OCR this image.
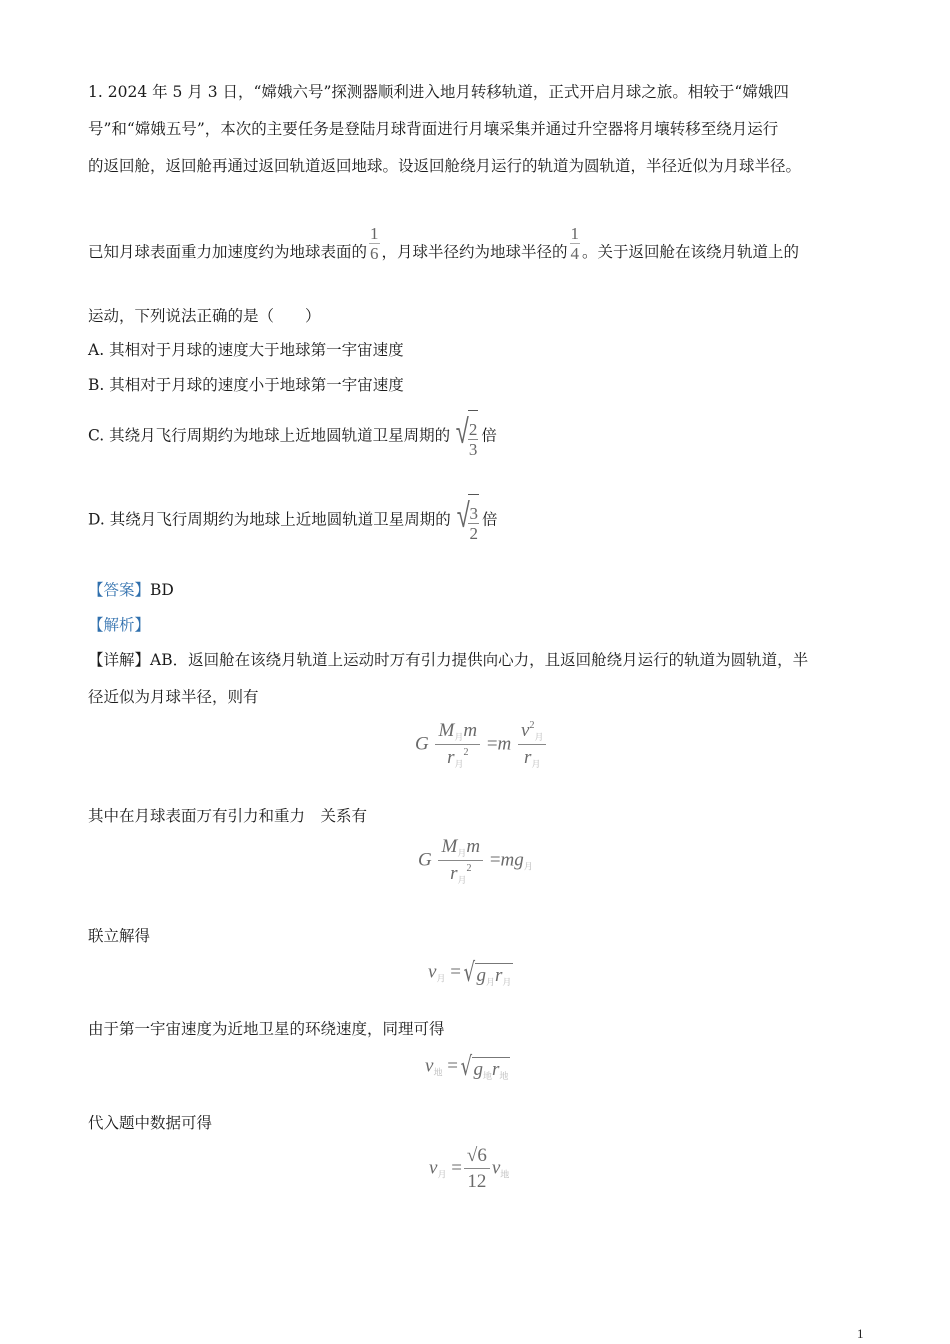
1. 2024 年 5 月 3 日，“嫦娥六号”探测器顺利进入地月转移轨道，正式开启月球之旅。相较于“嫦娥四
号”和“嫦娥五号”，本次的主要任务是登陆月球背面进行月壤采集并通过升空器将月壤转移至绕月运行
的返回舱，返回舱再通过返回轨道返回地球。设返回舱绕月运行的轨道为圆轨道，半径近似为月球半径。
已知月球表面重力加速度约为地球表面的 $\frac{1}{6}$ ，月球半径约为地球半径的 $\frac{1}{4}$ 。关于返回舱在该绕月轨道上的
运动，下列说法正确的是（　　）
A. 其相对于月球的速度大于地球第一宇宙速度
B. 其相对于月球的速度小于地球第一宇宙速度
C. 其绕月飞行周期约为地球上近地圆轨道卫星周期的 √
$\frac{2}{3}$ 倍
D. 其绕月飞行周期约为地球上近地圆轨道卫星周期的 √
$\frac{3}{2}$ 倍
【答案】BD
【解析】
【详解】AB．返回舱在该绕月轨道上运动时万有引力提供向心力，且返回舱绕月运行的轨道为圆轨道，半
径近似为月球半径，则有
G
$M_月m$
$r_月^2 =m$
$v^2_月$
$r_月$
其中在月球表面万有引力和重力　关系有
G
$M_月m$
$r_月^2 =mg_月$
联立解得
$v_月$ = √ $g_月r_月$
由于第一宇宙速度为近地卫星的环绕速度，同理可得
$v_地$ = √ $g_地r_地$
代入题中数据可得
$v_月 = \frac{√6}{12} v_地$
1
